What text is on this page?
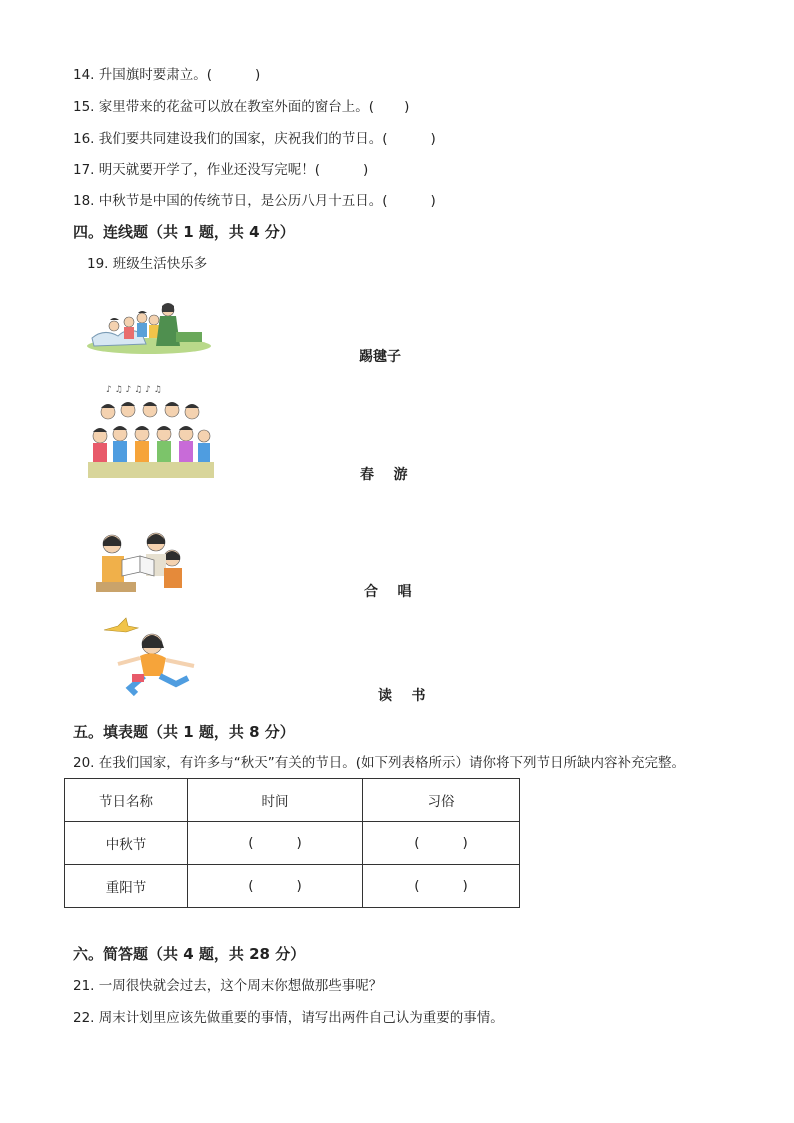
14. 升国旗时要肃立。(          )
15. 家里带来的花盆可以放在教室外面的窗台上。(       )
16. 我们要共同建设我们的国家，庆祝我们的节日。(          )
17. 明天就要开学了，作业还没写完呢！(          )
18. 中秋节是中国的传统节日，是公历八月十五日。(          )
四。连线题（共 1 题，共 4 分）
19. 班级生活快乐多
踢毽子
♪ ♫ ♪ ♫ ♪ ♫
春    游
合    唱
读    书
五。填表题（共 1 题，共 8 分）
20. 在我们国家，有许多与“秋天”有关的节日。(如下列表格所示）请你将下列节日所缺内容补充完整。
节日名称	时间	习俗
中秋节	(          )	(          )
重阳节	(          )	(          )
六。简答题（共 4 题，共 28 分）
21. 一周很快就会过去，这个周末你想做那些事呢？
22. 周末计划里应该先做重要的事情，请写出两件自己认为重要的事情。
